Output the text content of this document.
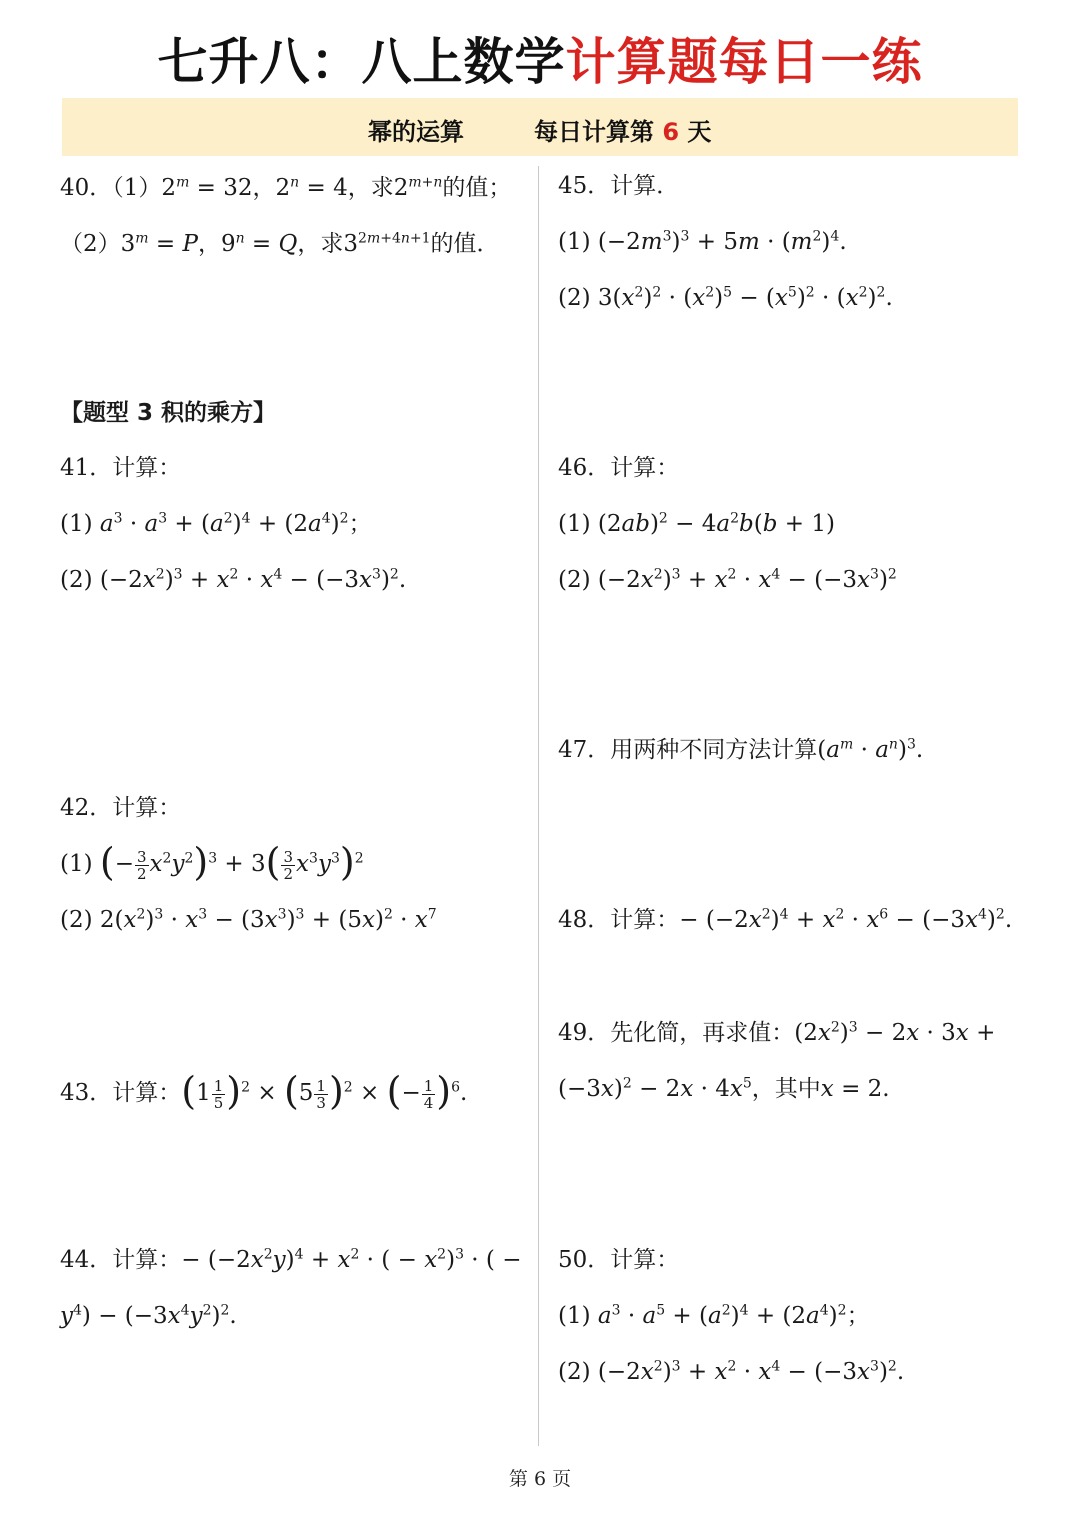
七升八：八上数学计算题每日一练
幂的运算	每日计算第 6 天
40．$(1)2^m = 32$，$2^n = 4$，求$2^{m+n}$的值；
$(2)3^m = P$，$9^n = Q$，求$3^{2m+4n+1}$的值．
【题型 3 积的乘方】
41．计算：
(1) $a^3 \cdot a^3 + (a^2)^4 + (2a^4)^2$；
(2) $(-2x^2)^3 + x^2 \cdot x^4 - (-3x^3)^2$.
42．计算：
(1) (− $\frac{3}{2} x^2y^2)^3 + 3( \frac{3}{2} x^3y^3)^2$
(2) $2(x^2)^3 \cdot x^3 - (3x^3)^3 + (5x)^2 \cdot x^7$
43．计算：$(1 \frac{1}{5} )^2 \times (5 \frac{1}{3} )^2$ × (− $\frac{1}{4} )^6$.
44．计算：− $(-2x^2y)^4 + x^2$ · ( − $x^2)^3$ · ( −
$y^4) - (-3x^4y^2)^2$.
45．计算．
(1) $(-2m^3)^3 + 5m \cdot (m^2)^4$.
(2) $3(x^2)^2 \cdot (x^2)^5 - (x^5)^2 \cdot (x^2)^2$.
46．计算：
(1) $(2ab)^2 - 4a^2b(b + 1)$
(2) $(-2x^2)^3 + x^2 \cdot x^4 - (-3x^3)^2$
47．用两种不同方法计算$(a^m \cdot a^n)^3$.
48．计算：− $(-2x^2)^4 + x^2 \cdot x^6 - (-3x^4)^2$.
49．先化简，再求值：$(2x^2)^3 - 2x \cdot 3x$ +
$(-3x)^2 - 2x \cdot 4x^5$，其中x = 2.
50．计算：
(1) $a^3 \cdot a^5 + (a^2)^4 + (2a^4)^2$；
(2) $(-2x^2)^3 + x^2 \cdot x^4 - (-3x^3)^2$.
第 6 页
